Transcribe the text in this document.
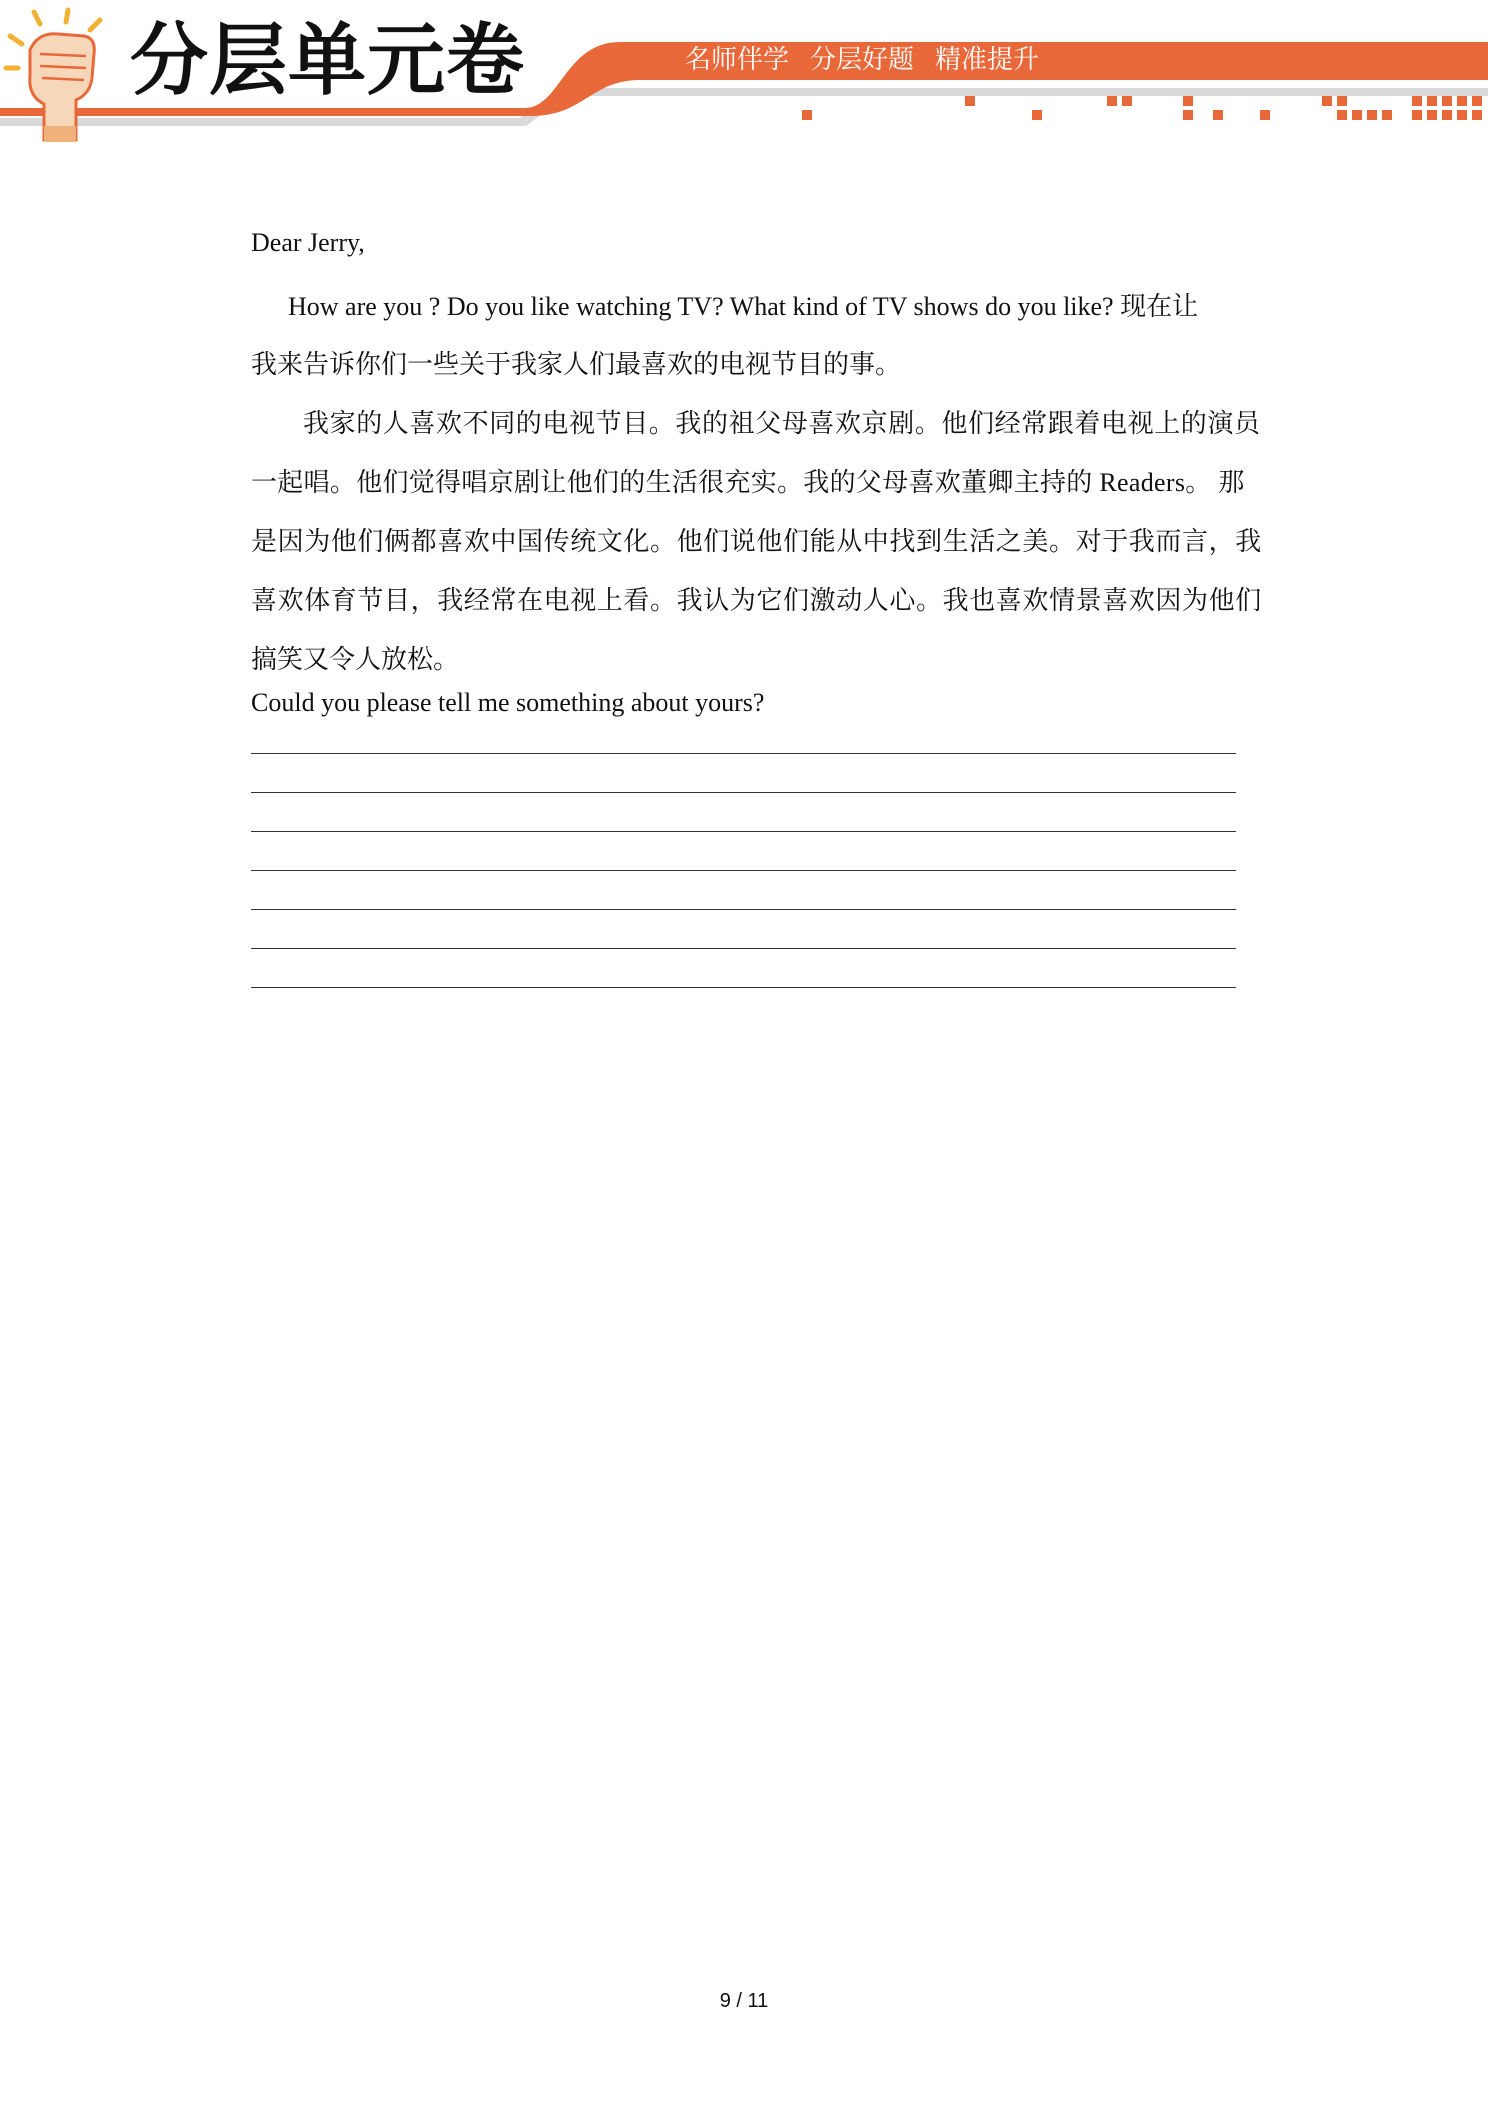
分层单元卷	名师伴学 分层好题 精准提升
Dear Jerry,
How are you ? Do you like watching TV? What kind of TV shows do you like? 现在让
我来告诉你们一些关于我家人们最喜欢的电视节目的事。
我家的人喜欢不同的电视节目。我的祖父母喜欢京剧。他们经常跟着电视上的演员
一起唱。他们觉得唱京剧让他们的生活很充实。我的父母喜欢董卿主持的 Readers。 那
是因为他们俩都喜欢中国传统文化。他们说他们能从中找到生活之美。对于我而言，我
喜欢体育节目，我经常在电视上看。我认为它们激动人心。我也喜欢情景喜欢因为他们
搞笑又令人放松。
Could you please tell me something about yours?
9 / 11
